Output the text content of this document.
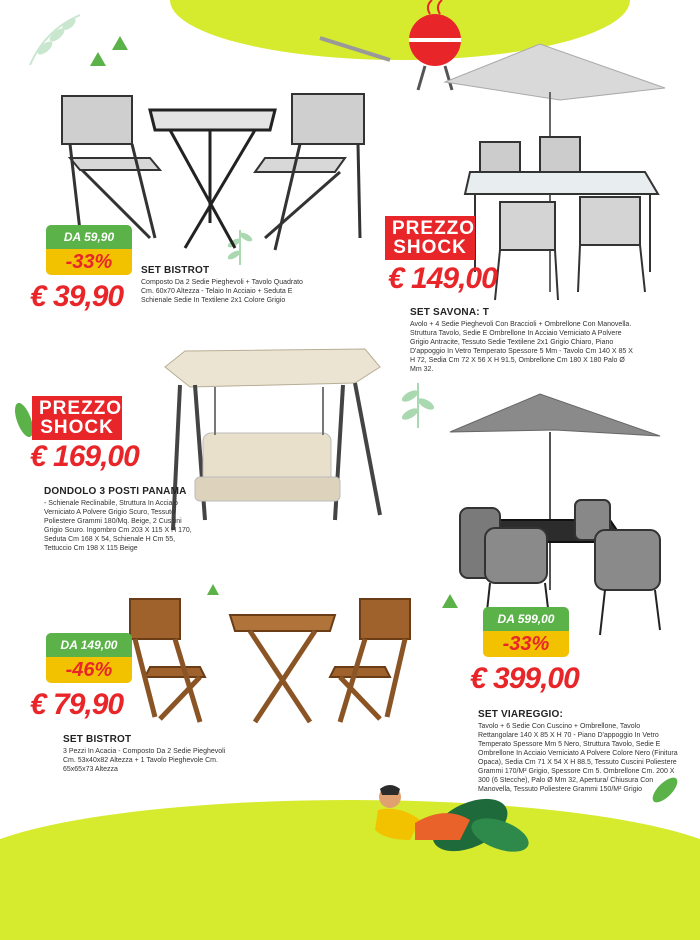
DA 59,90
-33%
€ 39,90
SET BISTROT
Composto Da 2 Sedie Pieghevoli + Tavolo Quadrato Cm. 60x70 Altezza - Telaio In Acciaio + Seduta E Schienale Sedie In Textilene 2x1 Colore Grigio
PREZZO
SHOCK
€ 149,00
SET SAVONA: T
Avolo + 4 Sedie Pieghevoli Con Braccioli + Ombrellone Con Manovella. Struttura Tavolo, Sedie E Ombrellone In Acciaio Verniciato A Polvere Grigio Antracite, Tessuto Sedie Textilene 2x1 Grigio Chiaro, Piano D'appoggio In Vetro Temperato Spessore 5 Mm - Tavolo Cm 140 X 85 X H 72, Sedia Cm 72 X 56 X H 91.5, Ombrellone Cm 180 X 180 Palo Ø Mm 32.
PREZZO
SHOCK
€ 169,00
DONDOLO 3 POSTI PANAMA
- Schienale Reclinabile, Struttura In Acciaio Verniciato A Polvere Grigio Scuro, Tessuto Poliestere Grammi 180/Mq. Beige, 2 Cuscini Grigio Scuro. Ingombro Cm 203 X 115 X H 170, Seduta Cm 168 X 54, Schienale H Cm 55, Tettuccio Cm 198 X 115 Beige
DA 599,00
-33%
€ 399,00
SET VIAREGGIO:
Tavolo + 6 Sedie Con Cuscino + Ombrellone, Tavolo Rettangolare 140 X 85 X H 70 - Piano D'appoggio In Vetro Temperato Spessore Mm 5 Nero, Struttura Tavolo, Sedie E Ombrellone In Acciaio Verniciato A Polvere Colore Nero (Finitura Opaca), Sedia Cm 71 X 54 X H 88.5, Tessuto Cuscini Poliestere Grammi 170/M² Grigio, Spessore Cm 5. Ombrellone Cm. 200 X 300 (6 Stecche), Palo Ø Mm 32, Apertura/ Chiusura Con Manovella, Tessuto Poliestere Grammi 150/M² Grigio
DA 149,00
-46%
€ 79,90
SET BISTROT
3 Pezzi In Acacia - Composto Da 2 Sedie Pieghevoli Cm. 53x40x82 Altezza + 1 Tavolo Pieghevole Cm. 65x65x73 Altezza
